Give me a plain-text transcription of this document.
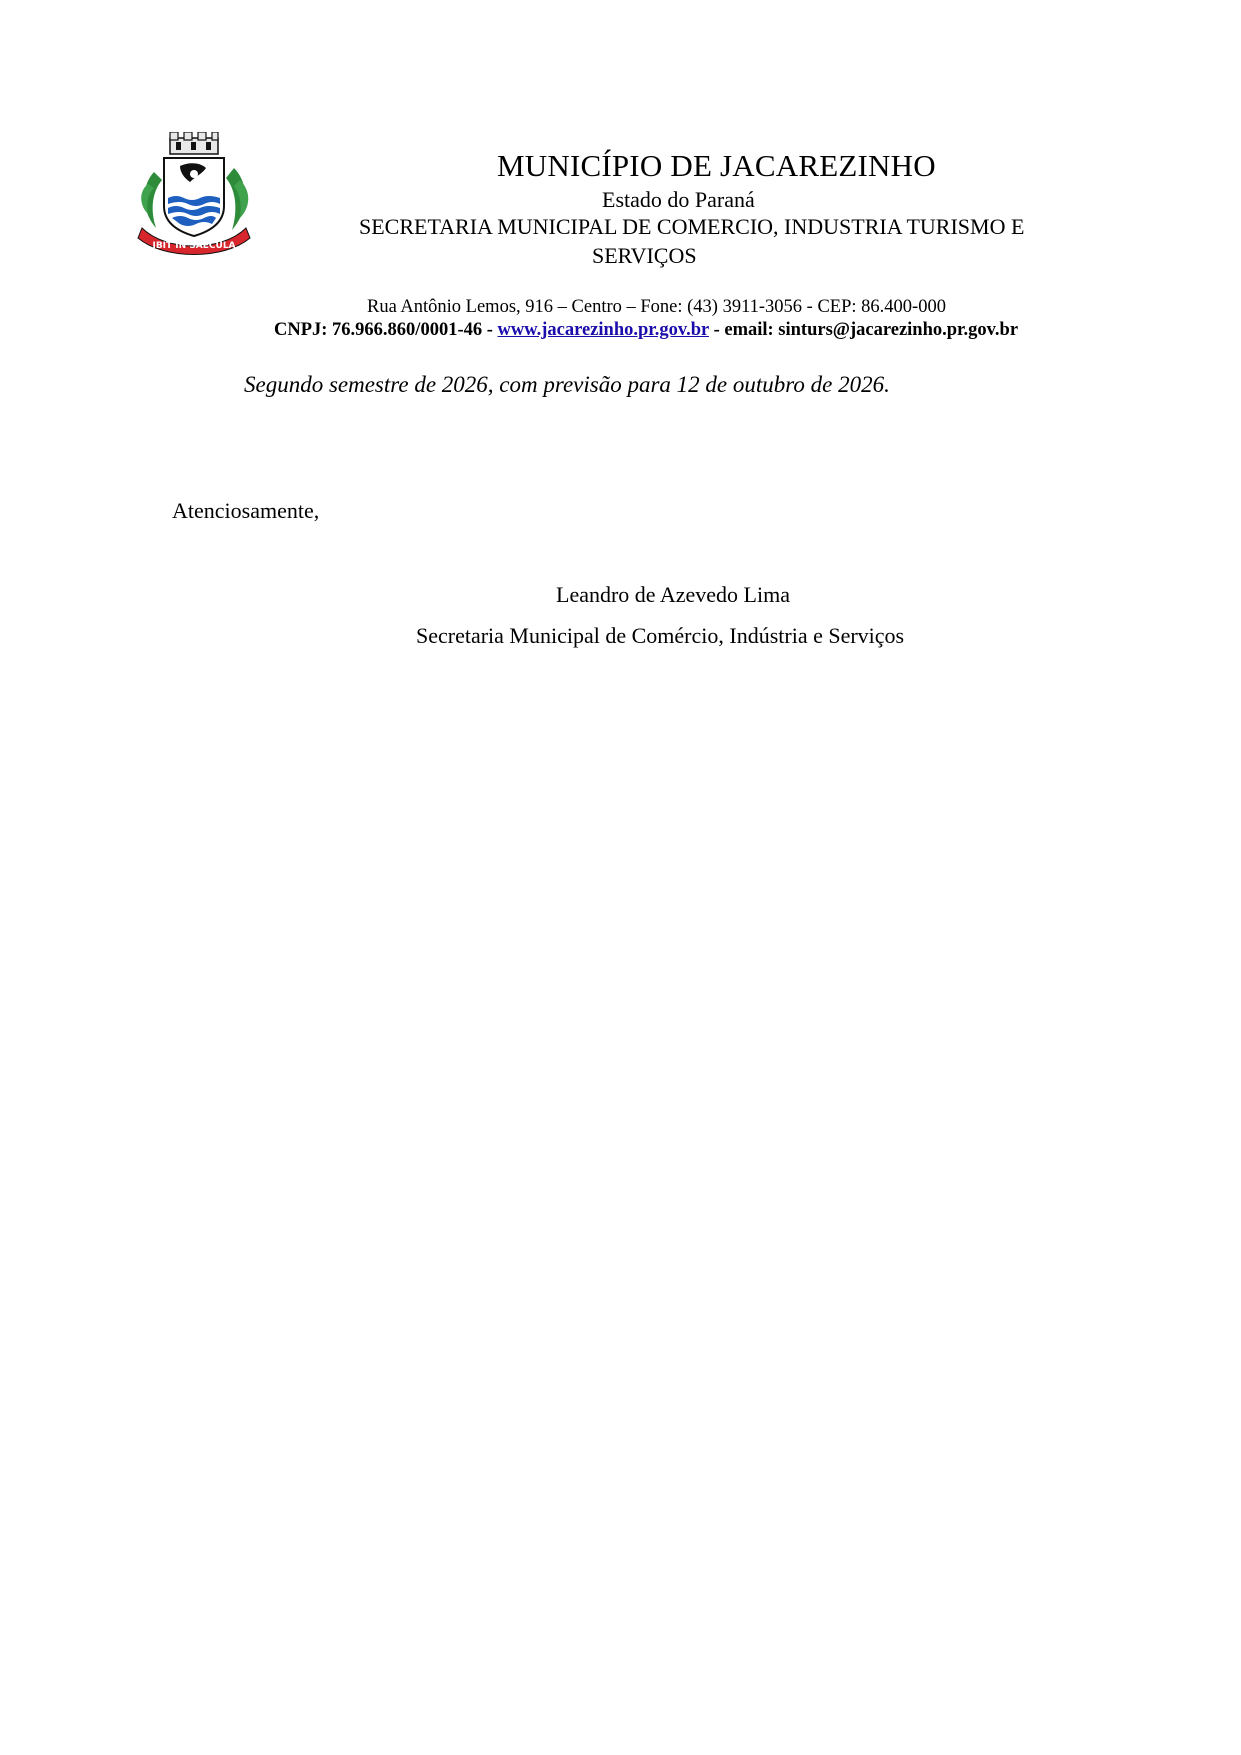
IBIT IN SAECULA
MUNICÍPIO DE JACAREZINHO
Estado do Paraná
SECRETARIA MUNICIPAL DE COMERCIO, INDUSTRIA TURISMO E
SERVIÇOS
Rua Antônio Lemos, 916 – Centro – Fone: (43) 3911-3056 - CEP: 86.400-000
CNPJ: 76.966.860/0001-46 - www.jacarezinho.pr.gov.br - email: sinturs@jacarezinho.pr.gov.br
Segundo semestre de 2026, com previsão para 12 de outubro de 2026.
Atenciosamente,
Leandro de Azevedo Lima
Secretaria Municipal de Comércio, Indústria e Serviços
